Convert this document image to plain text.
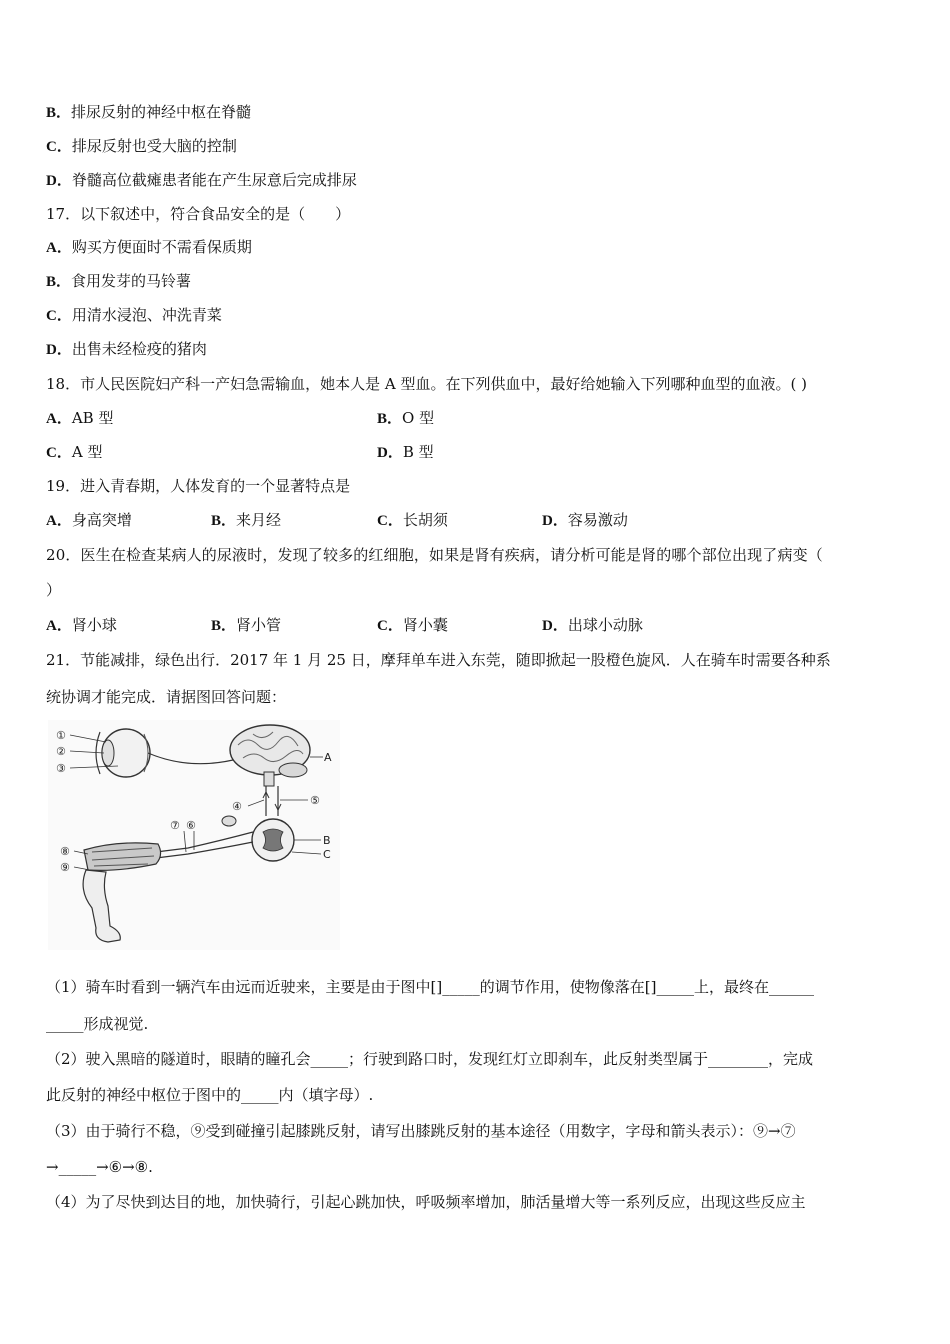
B．排尿反射的神经中枢在脊髓
C．排尿反射也受大脑的控制
D．脊髓高位截瘫患者能在产生尿意后完成排尿
17．以下叙述中，符合食品安全的是（　　）
A．购买方便面时不需看保质期
B．食用发芽的马铃薯
C．用清水浸泡、冲洗青菜
D．出售未经检疫的猪肉
18．市人民医院妇产科一产妇急需输血，她本人是 A 型血。在下列供血中，最好给她输入下列哪种血型的血液。( )
A．AB 型	B．O 型
C．A 型	D．B 型
19．进入青春期，人体发育的一个显著特点是
A．身高突增	B．来月经	C．长胡须	D．容易激动
20．医生在检查某病人的尿液时，发现了较多的红细胞，如果是肾有疾病，请分析可能是肾的哪个部位出现了病变（
）
A．肾小球	B．肾小管	C．肾小囊	D．出球小动脉
21．节能减排，绿色出行．2017 年 1 月 25 日，摩拜单车进入东莞，随即掀起一股橙色旋风．人在骑车时需要各种系
统协调才能完成．请据图回答问题：
①
②
③
A
④	⑤
B
C
⑦ ⑥
⑧
⑨
（1）骑车时看到一辆汽车由远而近驶来，主要是由于图中[]_____的调节作用，使物像落在[]_____上，最终在______
_____形成视觉.
（2）驶入黑暗的隧道时，眼睛的瞳孔会_____；行驶到路口时，发现红灯立即刹车，此反射类型属于________，完成
此反射的神经中枢位于图中的_____内（填字母）.
（3）由于骑行不稳，⑨受到碰撞引起膝跳反射，请写出膝跳反射的基本途径（用数字，字母和箭头表示）：⑨→⑦
→_____→⑥→⑧.
（4）为了尽快到达目的地，加快骑行，引起心跳加快，呼吸频率增加，肺活量增大等一系列反应，出现这些反应主
